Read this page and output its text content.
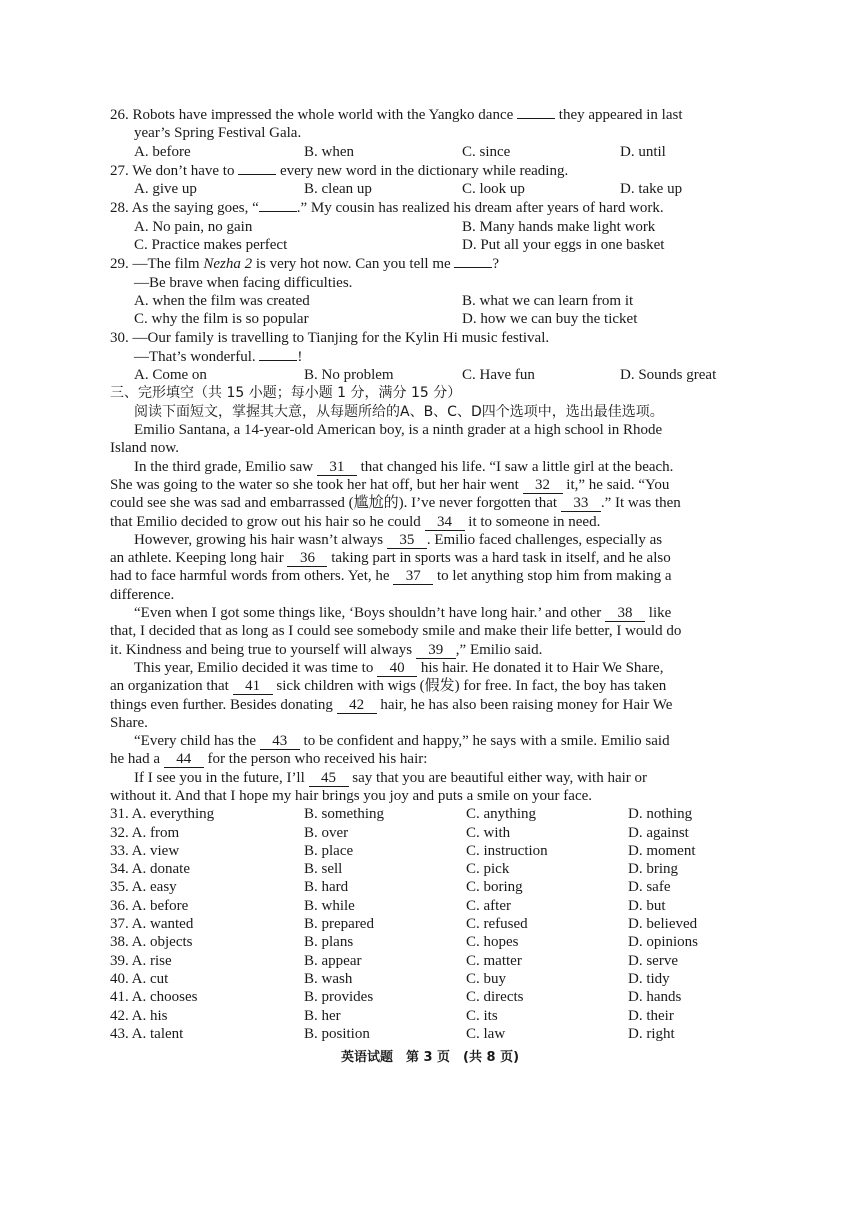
26. Robots have impressed the whole world with the Yangko dance	they appeared in last
year’s Spring Festival Gala.
A. before	B. when	C. since	D. until
27. We don’t have to	every new word in the dictionary while reading.
A. give up	B. clean up	C. look up	D. take up
28. As the saying goes, “	.” My cousin has realized his dream after years of hard work.
A. No pain, no gain	B. Many hands make light work
C. Practice makes perfect	D. Put all your eggs in one basket
29. —The film Nezha 2 is very hot now. Can you tell me	?
—Be brave when facing difficulties.
A. when the film was created	B. what we can learn from it
C. why the film is so popular	D. how we can buy the ticket
30. —Our family is travelling to Tianjing for the Kylin Hi music festival.
—That’s wonderful.	!
A. Come on	B. No problem	C. Have fun	D. Sounds great
三、完形填空（共 15 小题；每小题 1 分，满分 15 分）
阅读下面短文，掌握其大意，从每题所给的A、B、C、D四个选项中，选出最佳选项。
Emilio Santana, a 14-year-old American boy, is a ninth grader at a high school in Rhode
Island now.
In the third grade, Emilio saw 31 that changed his life. “I saw a little girl at the beach.
She was going to the water so she took her hat off, but her hair went 32 it,” he said. “You
could see she was sad and embarrassed (尴尬的). I’ve never forgotten that 33 .” It was then
that Emilio decided to grow out his hair so he could 34 it to someone in need.
However, growing his hair wasn’t always 35 . Emilio faced challenges, especially as
an athlete. Keeping long hair 36 taking part in sports was a hard task in itself, and he also
had to face harmful words from others. Yet, he 37 to let anything stop him from making a
difference.
“Even when I got some things like, ‘Boys shouldn’t have long hair.’ and other 38 like
that, I decided that as long as I could see somebody smile and make their life better, I would do
it. Kindness and being true to yourself will always 39 ,” Emilio said.
This year, Emilio decided it was time to 40 his hair. He donated it to Hair We Share,
an organization that 41 sick children with wigs (假发) for free. In fact, the boy has taken
things even further. Besides donating 42 hair, he has also been raising money for Hair We
Share.
“Every child has the 43 to be confident and happy,” he says with a smile. Emilio said
he had a 44 for the person who received his hair:
If I see you in the future, I’ll 45 say that you are beautiful either way, with hair or
without it. And that I hope my hair brings you joy and puts a smile on your face.
31. A. everything	B. something	C. anything	D. nothing
32. A. from	B. over	C. with	D. against
33. A. view	B. place	C. instruction	D. moment
34. A. donate	B. sell	C. pick	D. bring
35. A. easy	B. hard	C. boring	D. safe
36. A. before	B. while	C. after	D. but
37. A. wanted	B. prepared	C. refused	D. believed
38. A. objects	B. plans	C. hopes	D. opinions
39. A. rise	B. appear	C. matter	D. serve
40. A. cut	B. wash	C. buy	D. tidy
41. A. chooses	B. provides	C. directs	D. hands
42. A. his	B. her	C. its	D. their
43. A. talent	B. position	C. law	D. right
英语试题　第 3 页　(共 8 页)
